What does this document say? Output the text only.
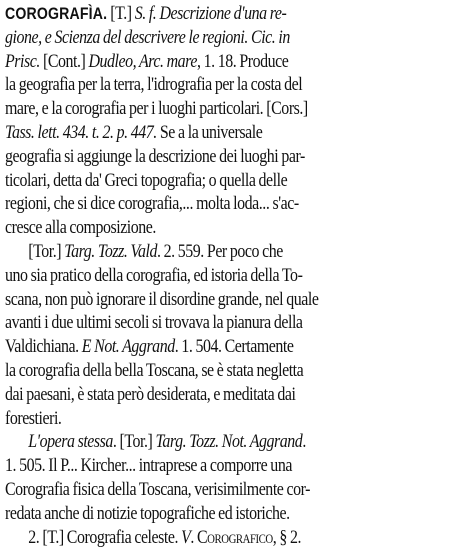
COROGRAFÌA. [T.] S. f. Descrizione d'una re-
gione, e Scienza del descrivere le regioni. Cic. in
Prisc. [Cont.] Dudleo, Arc. mare, 1. 18. Produce
la geografìa per la terra, l'idrografia per la costa del
mare, e la corografia per i luoghi particolari. [Cors.]
Tass. lett. 434. t. 2. p. 447. Se a la universale
geografia si aggiunge la descrizione dei luoghi par-
ticolari, detta da' Greci topografia; o quella delle
regioni, che si dice corografia,... molta loda... s'ac-
cresce alla composizione.
[Tor.] Targ. Tozz. Vald. 2. 559. Per poco che
uno sia pratico della corografia, ed istoria della To-
scana, non può ignorare il disordine grande, nel quale
avanti i due ultimi secoli si trovava la pianura della
Valdichiana. E Not. Aggrand. 1. 504. Certamente
la corografia della bella Toscana, se è stata negletta
dai paesani, è stata però desiderata, e meditata dai
forestieri.
L'opera stessa. [Tor.] Targ. Tozz. Not. Aggrand.
1. 505. Il P... Kircher... intraprese a comporre una
Corografia fisica della Toscana, verisimilmente cor-
redata anche di notizie topografiche ed istoriche.
2. [T.] Corografia celeste. V. Corografico, § 2.
